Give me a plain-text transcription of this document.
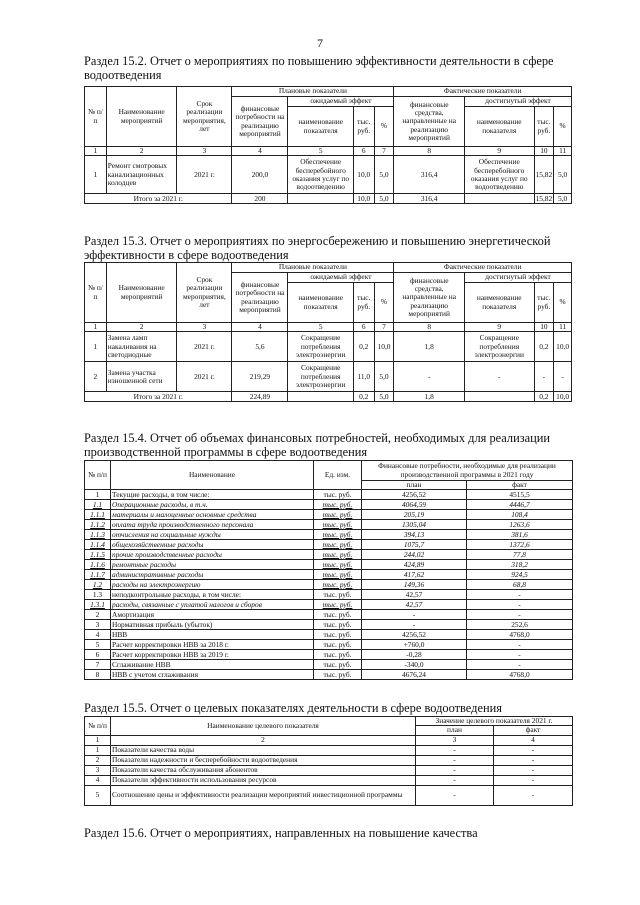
7
Раздел 15.2. Отчет о мероприятиях по повышению эффективности деятельности в сфере водоотведения
№ п/ п	Наименование мероприятий	Срок реализации мероприятия, лет	Плановые показатели				Фактические показатели			
			финансовые потребности на реализацию мероприятий	ожидаемый эффект			финансовые средства, направленные на реализацию мероприятий	достигнутый эффект		
				наименование показателя	тыс. руб.	%		наименование показателя	тыс. руб.	%
1	2	3	4	5	6	7	8	9	10	11
1	Ремонт смотровых канализационных колодцев	2021 г.	200,0	Обеспечение бесперебойного оказания услуг по водоотведению	10,0	5,0	316,4	Обеспечение бесперебойного оказания услуг по водоотведению	15,82	5,0
Итого за 2021 г.			200		10,0	5,0	316,4		15,82	5,0
Раздел 15.3. Отчет о мероприятиях по энергосбережению и повышению энергетической эффективности в сфере водоотведения
№ п/ п	Наименование мероприятий	Срок реализации мероприятия, лет	Плановые показатели				Фактические показатели			
			финансовые потребности на реализацию мероприятий	ожидаемый эффект			финансовые средства, направленные на реализацию мероприятий	достигнутый эффект		
				наименование показателя	тыс. руб.	%		наименование показателя	тыс. руб.	%
1	2	3	4	5	6	7	8	9	10	11
1	Замена ламп накаливания на светодиодные	2021 г.	5,6	Сокращение потребления электроэнергии	0,2	10,0	1,8	Сокращение потребления электроэнергии	0,2	10,0
2	Замена участка изношенной сети	2021 г.	219,29	Сокращение потребления электроэнергии	11,0	5,0	-	-	-	-
Итого за 2021 г.			224,89		0,2	5,0	1,8		0,2	10,0
Раздел 15.4. Отчет об объемах финансовых потребностей, необходимых для реализации производственной программы в сфере водоотведения
№ п/п	Наименование	Ед. изм.	Финансовые потребности, необходимые для реализации производственной программы в 2021 году	
			план	факт
1	Текущие расходы, в том числе:	тыс. руб.	4256,52	4515,5
1.1	Операционные расходы, в т.ч.	тыс. руб.	4064,59	4446,7
1.1.1	материалы и малоценные основные средства	тыс. руб.	205,19	108,4
1.1.2	оплата труда производственного персонала	тыс. руб.	1305,04	1263,6
1.1.3	отчисления на социальные нужды	тыс. руб.	394,13	381,6
1.1.4	общехозяйственные расходы	тыс. руб.	1075,7	1372,6
1.1.5	прочие производственные расходы	тыс. руб.	244,02	77,8
1.1.6	ремонтные расходы	тыс. руб.	424,89	318,2
1.1.7	административные расходы	тыс. руб.	417,62	924,5
1.2	расходы на электроэнергию	тыс. руб.	149,36	68,8
1.3	неподконтрольные расходы, в том числе:	тыс. руб.	42,57	-
1.3.1	расходы, связанные с уплатой налогов и сборов	тыс. руб.	42,57	-
2	Амортизация	тыс. руб.	-	-
3	Нормативная прибыль (убыток)	тыс. руб.	-	252,6
4	НВВ	тыс. руб.	4256,52	4768,0
5	Расчет корректировки НВВ за 2018 г.	тыс. руб.	+760,0	-
6	Расчет корректировки НВВ за 2019 г.	тыс. руб.	-0,28	-
7	Сглаживание НВВ	тыс. руб.	-340,0	-
8	НВВ с учетом сглаживания	тыс. руб.	4676,24	4768,0
Раздел 15.5. Отчет о целевых показателях деятельности в сфере водоотведения
№ п/п	Наименование целевого показателя	Значение целевого показателя 2021 г.	
		план	факт
1	2	3	4
1	Показатели качества воды	-	-
2	Показатели надежности и бесперебойности водоотведения	-	-
3	Показатели качества обслуживания абонентов	-	-
4	Показатели эффективности использования ресурсов	-	-
5	Соотношение цены и эффективности реализации мероприятий инвестиционной программы	-	-
Раздел 15.6. Отчет о мероприятиях, направленных на повышение качества
